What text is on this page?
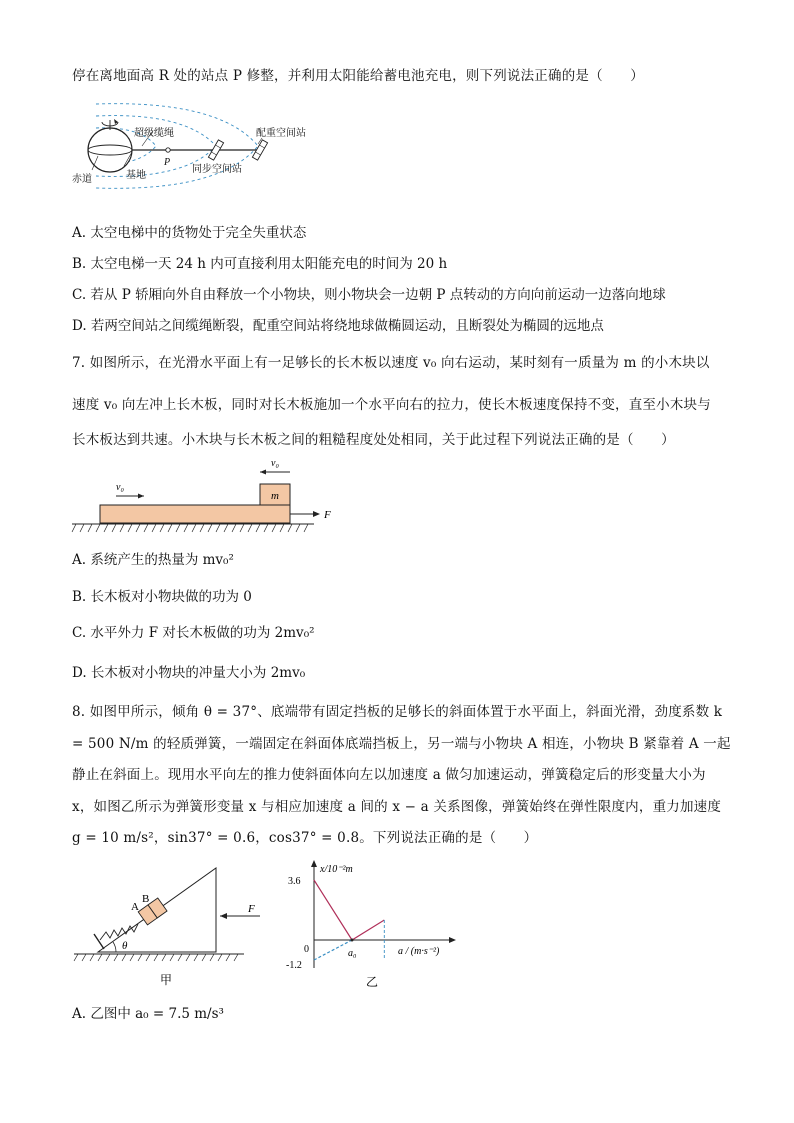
停在离地面高 R 处的站点 P 修整，并利用太阳能给蓄电池充电，则下列说法正确的是（　　）
超级缆绳	配重空间站
P
同步空间站
赤道	基地
A. 太空电梯中的货物处于完全失重状态
B. 太空电梯一天 24 h 内可直接利用太阳能充电的时间为 20 h
C. 若从 P 轿厢向外自由释放一个小物块，则小物块会一边朝 P 点转动的方向向前运动一边落向地球
D. 若两空间站之间缆绳断裂，配重空间站将绕地球做椭圆运动，且断裂处为椭圆的远地点
7. 如图所示，在光滑水平面上有一足够长的长木板以速度 v₀ 向右运动，某时刻有一质量为 m 的小木块以
速度 v₀ 向左冲上长木板，同时对长木板施加一个水平向右的拉力，使长木板速度保持不变，直至小木块与
长木板达到共速。小木块与长木板之间的粗糙程度处处相同，关于此过程下列说法正确的是（　　）
v₀
m
v₀
F
A. 系统产生的热量为 mv₀²
B. 长木板对小物块做的功为 0
C. 水平外力 F 对长木板做的功为 2mv₀²
D. 长木板对小物块的冲量大小为 2mv₀
8. 如图甲所示，倾角 θ = 37°、底端带有固定挡板的足够长的斜面体置于水平面上，斜面光滑，劲度系数 k
= 500 N/m 的轻质弹簧，一端固定在斜面体底端挡板上，另一端与小物块 A 相连，小物块 B 紧靠着 A 一起
静止在斜面上。现用水平向左的推力使斜面体向左以加速度 a 做匀加速运动，弹簧稳定后的形变量大小为
x，如图乙所示为弹簧形变量 x 与相应加速度 a 间的 x − a 关系图像，弹簧始终在弹性限度内，重力加速度
g = 10 m/s²，sin37° = 0.6，cos37° = 0.8。下列说法正确的是（　　）
A
B
θ
F
甲
x/10⁻²m
a / (m·s⁻²)
0
3.6
-1.2
a₀
乙
A. 乙图中 a₀ = 7.5 m/s³
